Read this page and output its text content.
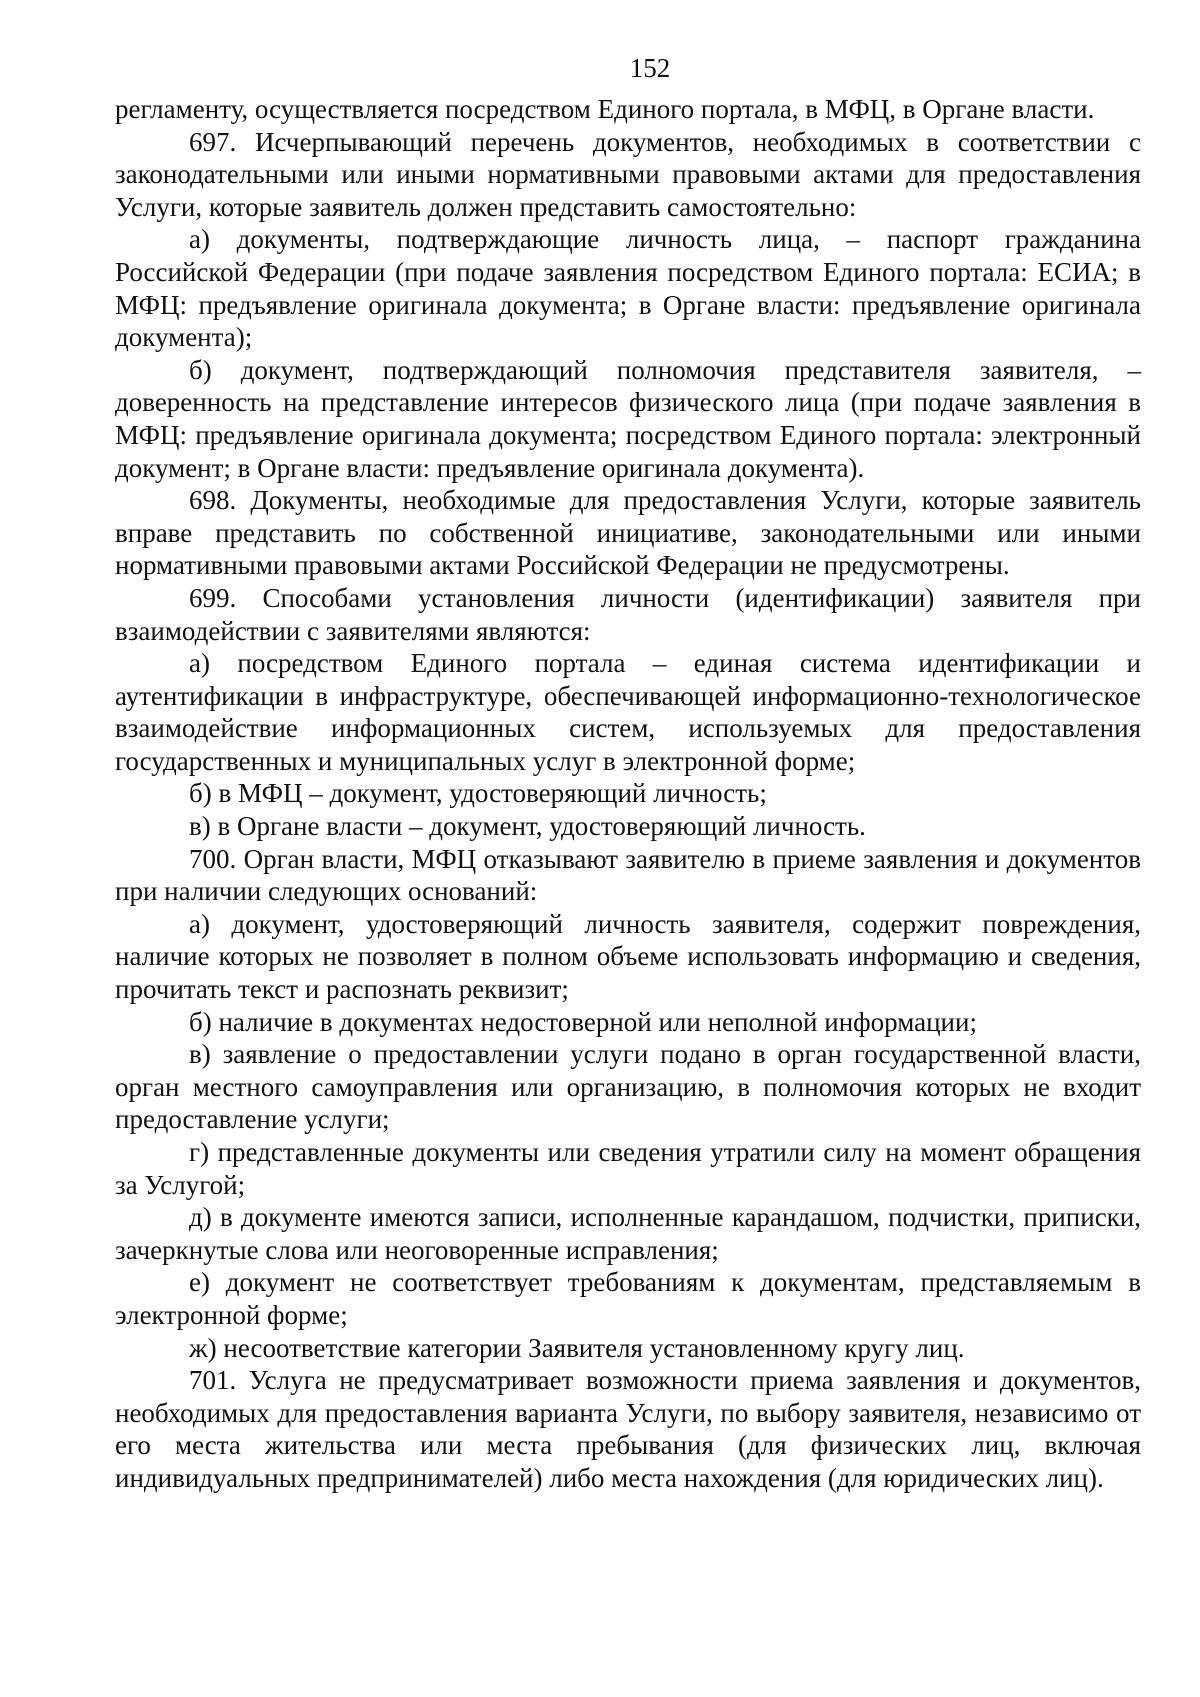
152

регламенту, осуществляется посредством Единого портала, в МФЦ, в Органе власти.

697. Исчерпывающий перечень документов, необходимых в соответствии с законодательными или иными нормативными правовыми актами для предоставления Услуги, которые заявитель должен представить самостоятельно:

а) документы, подтверждающие личность лица, – паспорт гражданина Российской Федерации (при подаче заявления посредством Единого портала: ЕСИА; в МФЦ: предъявление оригинала документа; в Органе власти: предъявление оригинала документа);

б) документ, подтверждающий полномочия представителя заявителя, – доверенность на представление интересов физического лица (при подаче заявления в МФЦ: предъявление оригинала документа; посредством Единого портала: электронный документ; в Органе власти: предъявление оригинала документа).

698. Документы, необходимые для предоставления Услуги, которые заявитель вправе представить по собственной инициативе, законодательными или иными нормативными правовыми актами Российской Федерации не предусмотрены.

699. Способами установления личности (идентификации) заявителя при взаимодействии с заявителями являются:

а) посредством Единого портала – единая система идентификации и аутентификации в инфраструктуре, обеспечивающей информационно-технологическое взаимодействие информационных систем, используемых для предоставления государственных и муниципальных услуг в электронной форме;

б) в МФЦ – документ, удостоверяющий личность;

в) в Органе власти – документ, удостоверяющий личность.

700. Орган власти, МФЦ отказывают заявителю в приеме заявления и документов при наличии следующих оснований:

а) документ, удостоверяющий личность заявителя, содержит повреждения, наличие которых не позволяет в полном объеме использовать информацию и сведения, прочитать текст и распознать реквизит;

б) наличие в документах недостоверной или неполной информации;

в) заявление о предоставлении услуги подано в орган государственной власти, орган местного самоуправления или организацию, в полномочия которых не входит предоставление услуги;

г) представленные документы или сведения утратили силу на момент обращения за Услугой;

д) в документе имеются записи, исполненные карандашом, подчистки, приписки, зачеркнутые слова или неоговоренные исправления;

е) документ не соответствует требованиям к документам, представляемым в электронной форме;

ж) несоответствие категории Заявителя установленному кругу лиц.

701. Услуга не предусматривает возможности приема заявления и документов, необходимых для предоставления варианта Услуги, по выбору заявителя, независимо от его места жительства или места пребывания (для физических лиц, включая индивидуальных предпринимателей) либо места нахождения (для юридических лиц).
